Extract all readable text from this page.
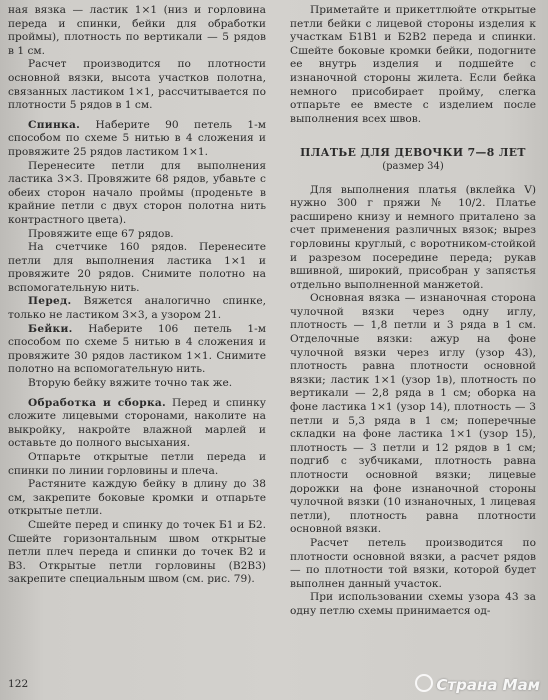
ная вязка — ластик 1×1 (низ и горловина переда и спинки, бейки для обработки проймы), плотность по вертикали — 5 рядов в 1 см.

Расчет производится по плотности основной вязки, высота участков полотна, связанных ластиком 1×1, рассчитывается по плотности 5 рядов в 1 см.

Спинка. Наберите 90 петель 1-м способом по схеме 5 нитью в 4 сложения и провяжите 25 рядов ластиком 1×1.

Перенесите петли для выполнения ластика 3×3. Провяжите 68 рядов, убавьте с обеих сторон начало проймы (проденьте в крайние петли с двух сторон полотна нить контрастного цвета).

Провяжите еще 67 рядов.

На счетчике 160 рядов. Перенесите петли для выполнения ластика 1×1 и провяжите 20 рядов. Снимите полотно на вспомогательную нить.

Перед. Вяжется аналогично спинке, только не ластиком 3×3, а узором 21.

Бейки. Наберите 106 петель 1-м способом по схеме 5 нитью в 4 сложения и провяжите 30 рядов ластиком 1×1. Снимите полотно на вспомогательную нить.

Вторую бейку вяжите точно так же.

Обработка и сборка. Перед и спинку сложите лицевыми сторонами, наколите на выкройку, накройте влажной марлей и оставьте до полного высыхания.

Отпарьте открытые петли переда и спинки по линии горловины и плеча.

Растяните каждую бейку в длину до 38 см, закрепите боковые кромки и отпарьте открытые петли.

Сшейте перед и спинку до точек Б1 и Б2. Сшейте горизонтальным швом открытые петли плеч переда и спинки до точек В2 и В3. Открытые петли горловины (В2В3) закрепите специальным швом (см. рис. 79).

Приметайте и прикеттлюйте открытые петли бейки с лицевой стороны изделия к участкам Б1В1 и Б2В2 переда и спинки. Сшейте боковые кромки бейки, подогните ее внутрь изделия и подшейте с изнаночной стороны жилета. Если бейка немного присобирает пройму, слегка отпарьте ее вместе с изделием после выполнения всех швов.

ПЛАТЬЕ ДЛЯ ДЕВОЧКИ 7—8 ЛЕТ
(размер 34)

Для выполнения платья (вклейка V) нужно 300 г пряжи № 10/2. Платье расширено книзу и немного приталено за счет применения различных вязок; вырез горловины круглый, с воротником-стойкой и разрезом посередине переда; рукав вшивной, широкий, присобран у запястья отдельно выполненной манжетой.

Основная вязка — изнаночная сторона чулочной вязки через одну иглу, плотность — 1,8 петли и 3 ряда в 1 см. Отделочные вязки: ажур на фоне чулочной вязки через иглу (узор 43), плотность равна плотности основной вязки; ластик 1×1 (узор 1в), плотность по вертикали — 2,8 ряда в 1 см; оборка на фоне ластика 1×1 (узор 14), плотность — 3 петли и 5,3 ряда в 1 см; поперечные складки на фоне ластика 1×1 (узор 15), плотность — 3 петли и 12 рядов в 1 см; подгиб с зубчиками, плотность равна плотности основной вязки; лицевые дорожки на фоне изнаночной стороны чулочной вязки (10 изнаночных, 1 лицевая петли), плотность равна плотности основной вязки.

Расчет петель производится по плотности основной вязки, а расчет рядов — по плотности той вязки, которой будет выполнен данный участок.

При использовании схемы узора 43 за одну петлю схемы принимается од-

122	Страна Мам
